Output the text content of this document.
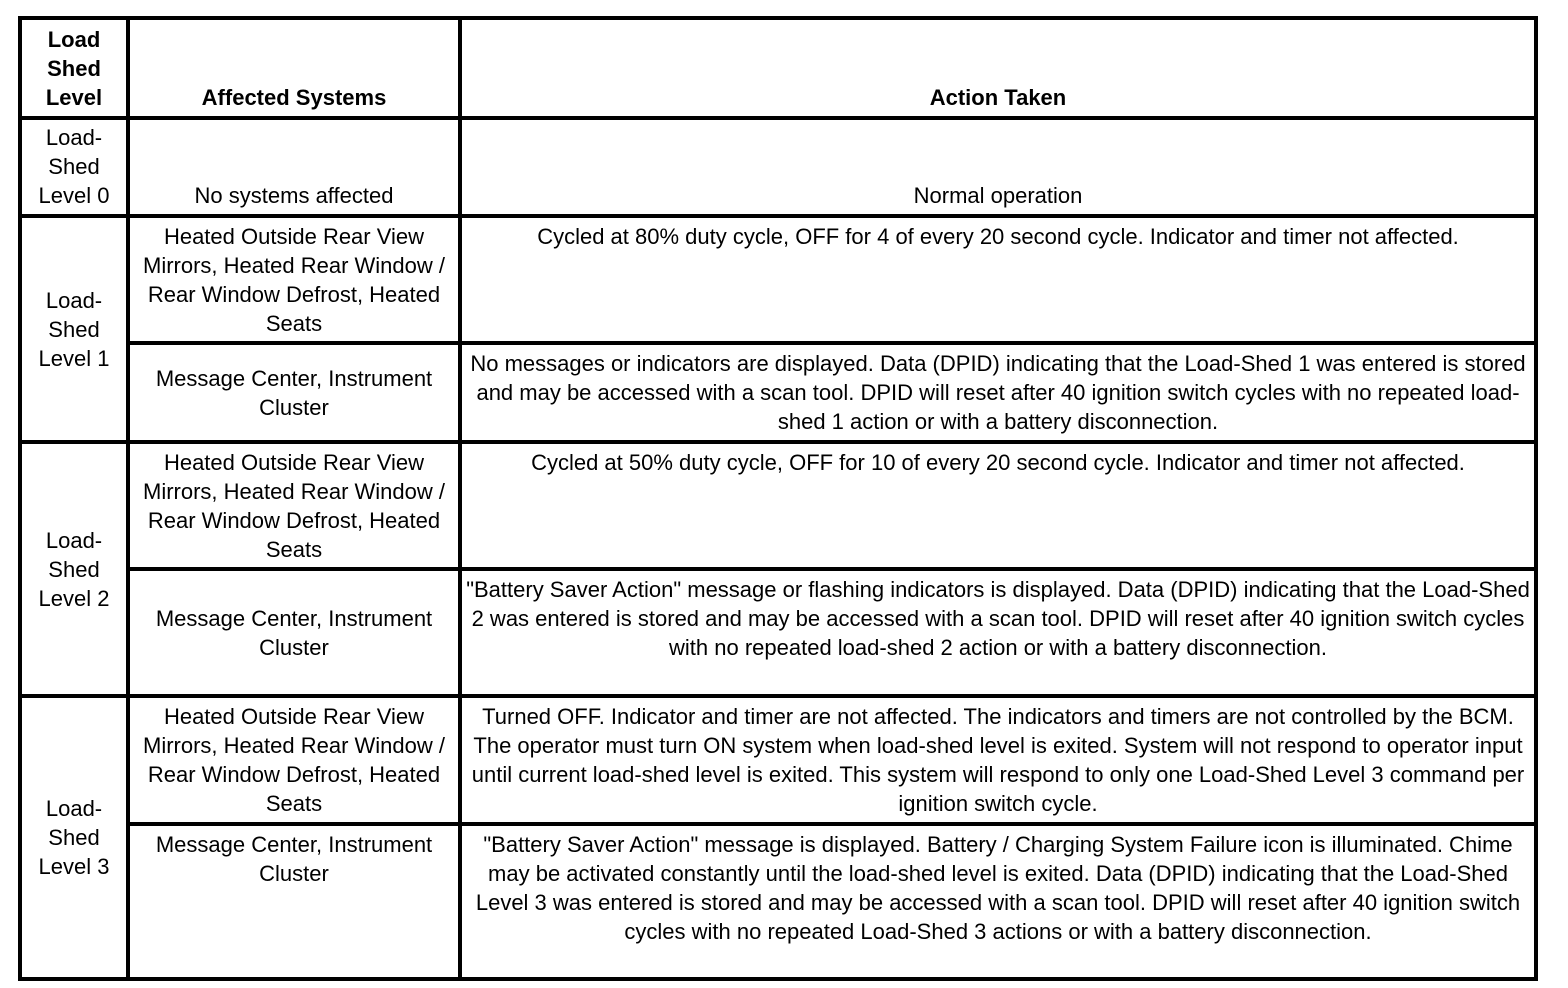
Load Shed Level	Affected Systems	Action Taken
Load-Shed Level 0	No systems affected	Normal operation
Load-Shed Level 1	Heated Outside Rear View Mirrors, Heated Rear Window / Rear Window Defrost, Heated Seats	Cycled at 80% duty cycle, OFF for 4 of every 20 second cycle. Indicator and timer not affected.
	Message Center, Instrument Cluster	No messages or indicators are displayed. Data (DPID) indicating that the Load-Shed 1 was entered is stored and may be accessed with a scan tool. DPID will reset after 40 ignition switch cycles with no repeated load-shed 1 action or with a battery disconnection.
Load-Shed Level 2	Heated Outside Rear View Mirrors, Heated Rear Window / Rear Window Defrost, Heated Seats	Cycled at 50% duty cycle, OFF for 10 of every 20 second cycle. Indicator and timer not affected.
	Message Center, Instrument Cluster	"Battery Saver Action" message or flashing indicators is displayed. Data (DPID) indicating that the Load-Shed 2 was entered is stored and may be accessed with a scan tool. DPID will reset after 40 ignition switch cycles with no repeated load-shed 2 action or with a battery disconnection.
Load-Shed Level 3	Heated Outside Rear View Mirrors, Heated Rear Window / Rear Window Defrost, Heated Seats	Turned OFF. Indicator and timer are not affected. The indicators and timers are not controlled by the BCM. The operator must turn ON system when load-shed level is exited. System will not respond to operator input until current load-shed level is exited. This system will respond to only one Load-Shed Level 3 command per ignition switch cycle.
	Message Center, Instrument Cluster	"Battery Saver Action" message is displayed. Battery / Charging System Failure icon is illuminated. Chime may be activated constantly until the load-shed level is exited. Data (DPID) indicating that the Load-Shed Level 3 was entered is stored and may be accessed with a scan tool. DPID will reset after 40 ignition switch cycles with no repeated Load-Shed 3 actions or with a battery disconnection.
